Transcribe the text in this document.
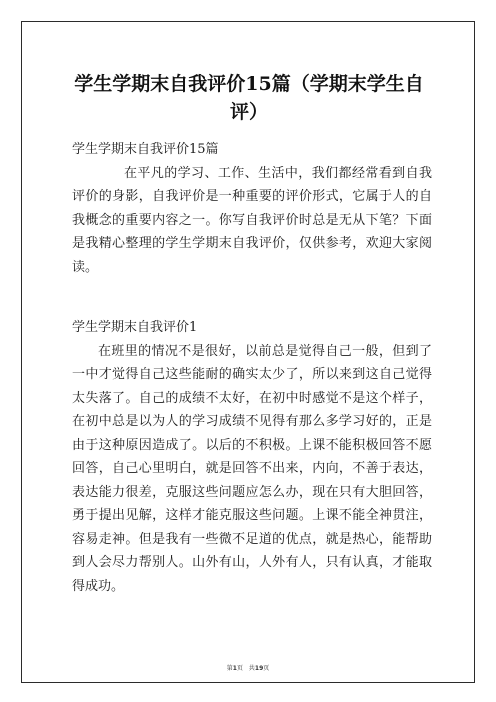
学生学期末自我评价15篇（学期末学生自评）

学生学期末自我评价15篇

在平凡的学习、工作、生活中，我们都经常看到自我评价的身影，自我评价是一种重要的评价形式，它属于人的自我概念的重要内容之一。你写自我评价时总是无从下笔？下面是我精心整理的学生学期末自我评价，仅供参考，欢迎大家阅读。

学生学期末自我评价1

在班里的情况不是很好，以前总是觉得自己一般，但到了一中才觉得自己这些能耐的确实太少了，所以来到这自己觉得太失落了。自己的成绩不太好，在初中时感觉不是这个样子，在初中总是以为人的学习成绩不见得有那么多学习好的，正是由于这种原因造成了。以后的不积极。上课不能积极回答不愿回答，自己心里明白，就是回答不出来，内向，不善于表达，表达能力很差，克服这些问题应怎么办，现在只有大胆回答，勇于提出见解，这样才能克服这些问题。上课不能全神贯注，容易走神。但是我有一些微不足道的优点，就是热心，能帮助到人会尽力帮别人。山外有山，人外有人，只有认真，才能取得成功。

第1页　共19页
